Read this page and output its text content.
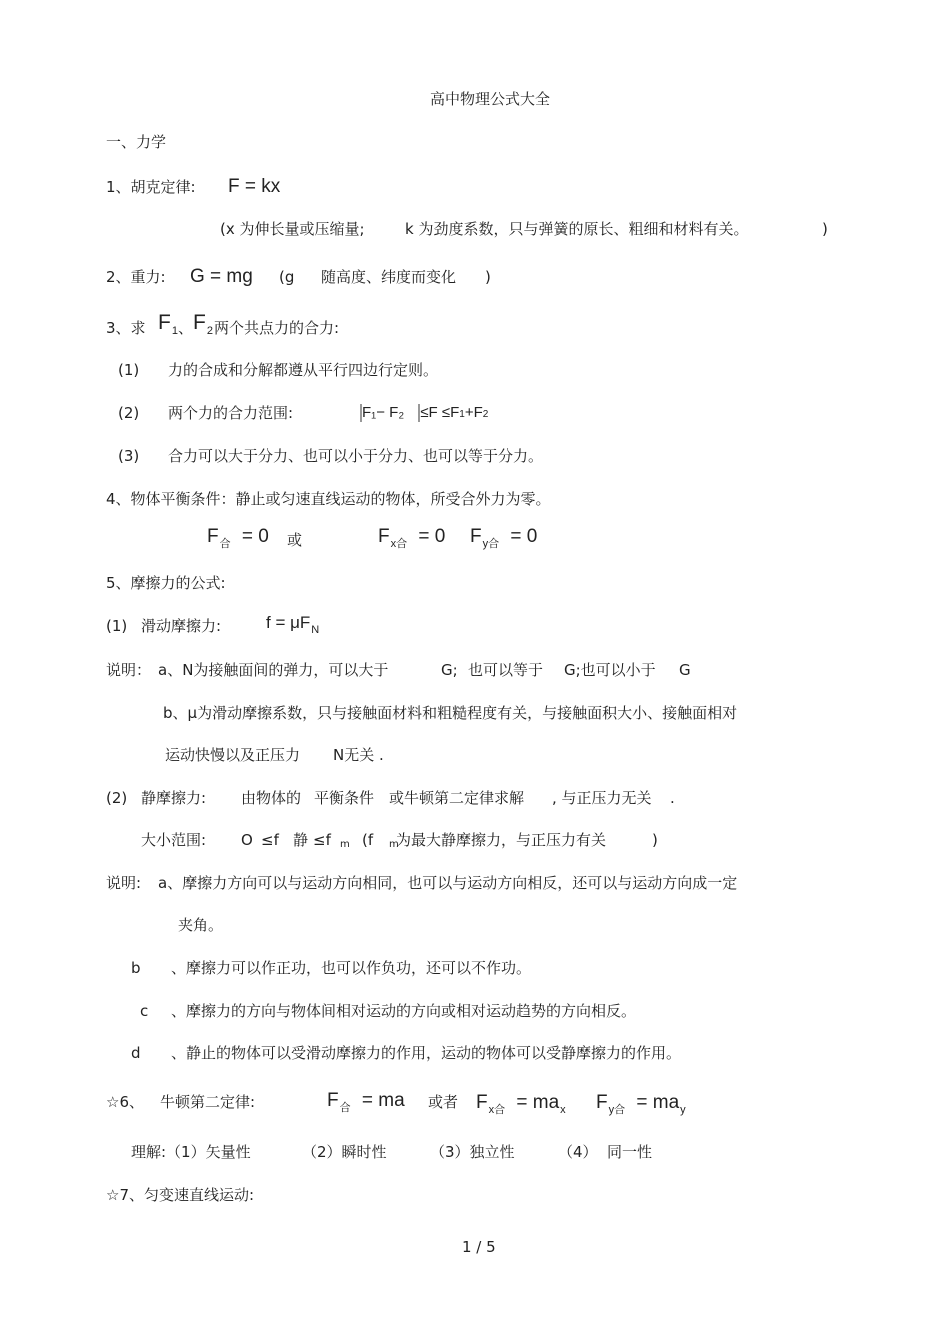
高中物理公式大全
一、力学
1、胡克定律: F = kx
(x 为伸长量或压缩量;	k 为劲度系数，只与弹簧的原长、粗细和材料有关。	)
2、重力: G = mg (g 随高度、纬度而变化 )
3、求 $F_1$ 、 $F_2$ 两个共点力的合力:
(1) 力的合成和分解都遵从平行四边行定则。
(2) 两个力的合力范围:	F₁− F₂ ≤F ≤F1+F2
(3) 合力可以大于分力、也可以小于分力、也可以等于分力。
4、物体平衡条件：静止或匀速直线运动的物体，所受合外力为零。
$F_合 = 0$ 或	$F_{x合} = 0$ $F_{y合} = 0$
5、摩擦力的公式:
(1) 滑动摩擦力:	$f = \mu F_N$
说明： a、N为接触面间的弹力，可以大于	G; 也可以等于 G;也可以小于 G
b、μ为滑动摩擦系数，只与接触面材料和粗糙程度有关，与接触面积大小、接触面相对
运动快慢以及正压力 N无关 .
(2) 静摩擦力: 由物体的 平衡条件 或牛顿第二定律求解 , 与正压力无关 .
大小范围: O ≤f 静 ≤f m (f m
为最大静摩擦力，与正压力有关	)
说明: a、摩擦力方向可以与运动方向相同，也可以与运动方向相反，还可以与运动方向成一定
夹角。
b 、摩擦力可以作正功，也可以作负功，还可以不作功。
c 、摩擦力的方向与物体间相对运动的方向或相对运动趋势的方向相反。
d 、静止的物体可以受滑动摩擦力的作用，运动的物体可以受静摩擦力的作用。
☆6、 牛顿第二定律:	$F_合$ = ma 或者 $F_{x合} = ma_x$ $F_{y合} = ma_y$
理解:（1）矢量性	（2）瞬时性	（3）独立性	（4） 同一性
☆7、匀变速直线运动:
1 / 5
